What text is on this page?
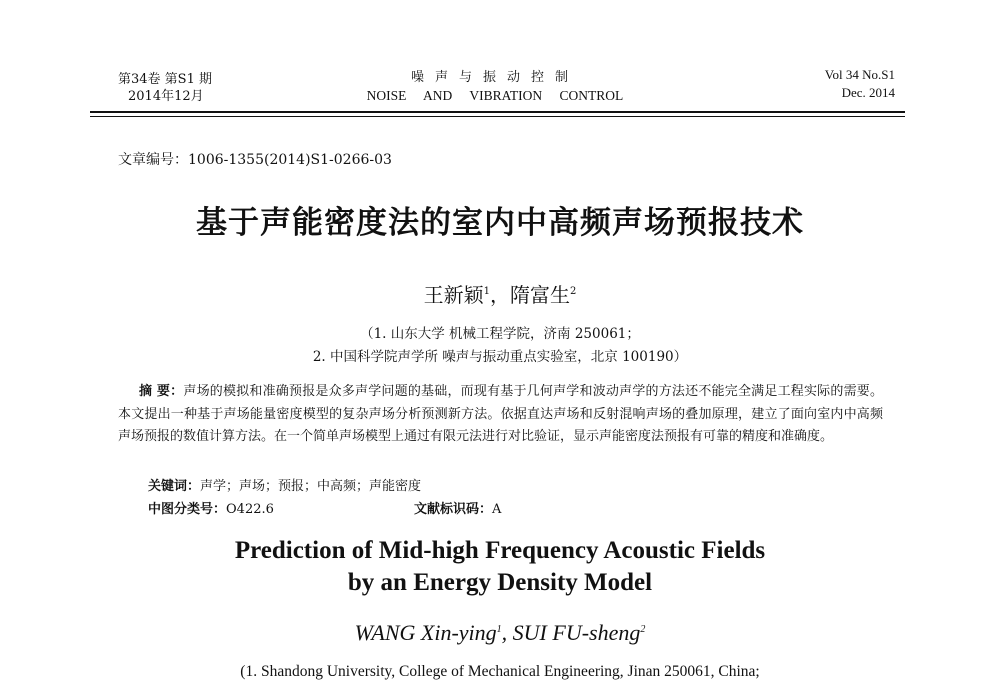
第34卷 第S1 期
2014年12月
噪声与振动控制
NOISE AND VIBRATION CONTROL
Vol 34 No.S1
Dec. 2014
文章编号：1006-1355(2014)S1-0266-03
基于声能密度法的室内中高频声场预报技术
王新颖$^1$，隋富生$^2$
（1. 山东大学 机械工程学院，济南 250061；
2. 中国科学院声学所 噪声与振动重点实验室，北京 100190）
摘 要：声场的模拟和准确预报是众多声学问题的基础，而现有基于几何声学和波动声学的方法还不能完全满足工程实际的需要。本文提出一种基于声场能量密度模型的复杂声场分析预测新方法。依据直达声场和反射混响声场的叠加原理，建立了面向室内中高频声场预报的数值计算方法。在一个简单声场模型上通过有限元法进行对比验证，显示声能密度法预报有可靠的精度和准确度。
关键词：声学；声场；预报；中高频；声能密度
中图分类号：O422.6	文献标识码：A
Prediction of Mid-high Frequency Acoustic Fields
by an Energy Density Model
WANG Xin-ying$^1$, SUI FU-sheng$^2$
(1. Shandong University, College of Mechanical Engineering, Jinan 250061, China;
